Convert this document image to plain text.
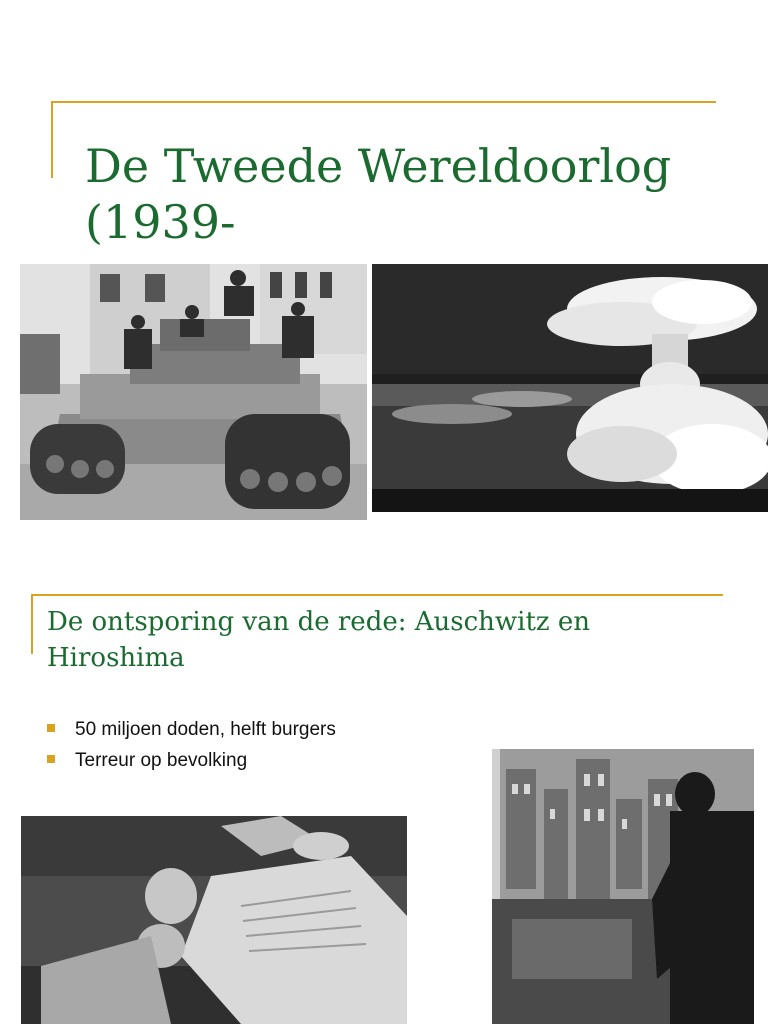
De Tweede Wereldoorlog (1939-
De ontsporing van de rede: Auschwitz en Hiroshima
50 miljoen doden, helft burgers
Terreur op bevolking
